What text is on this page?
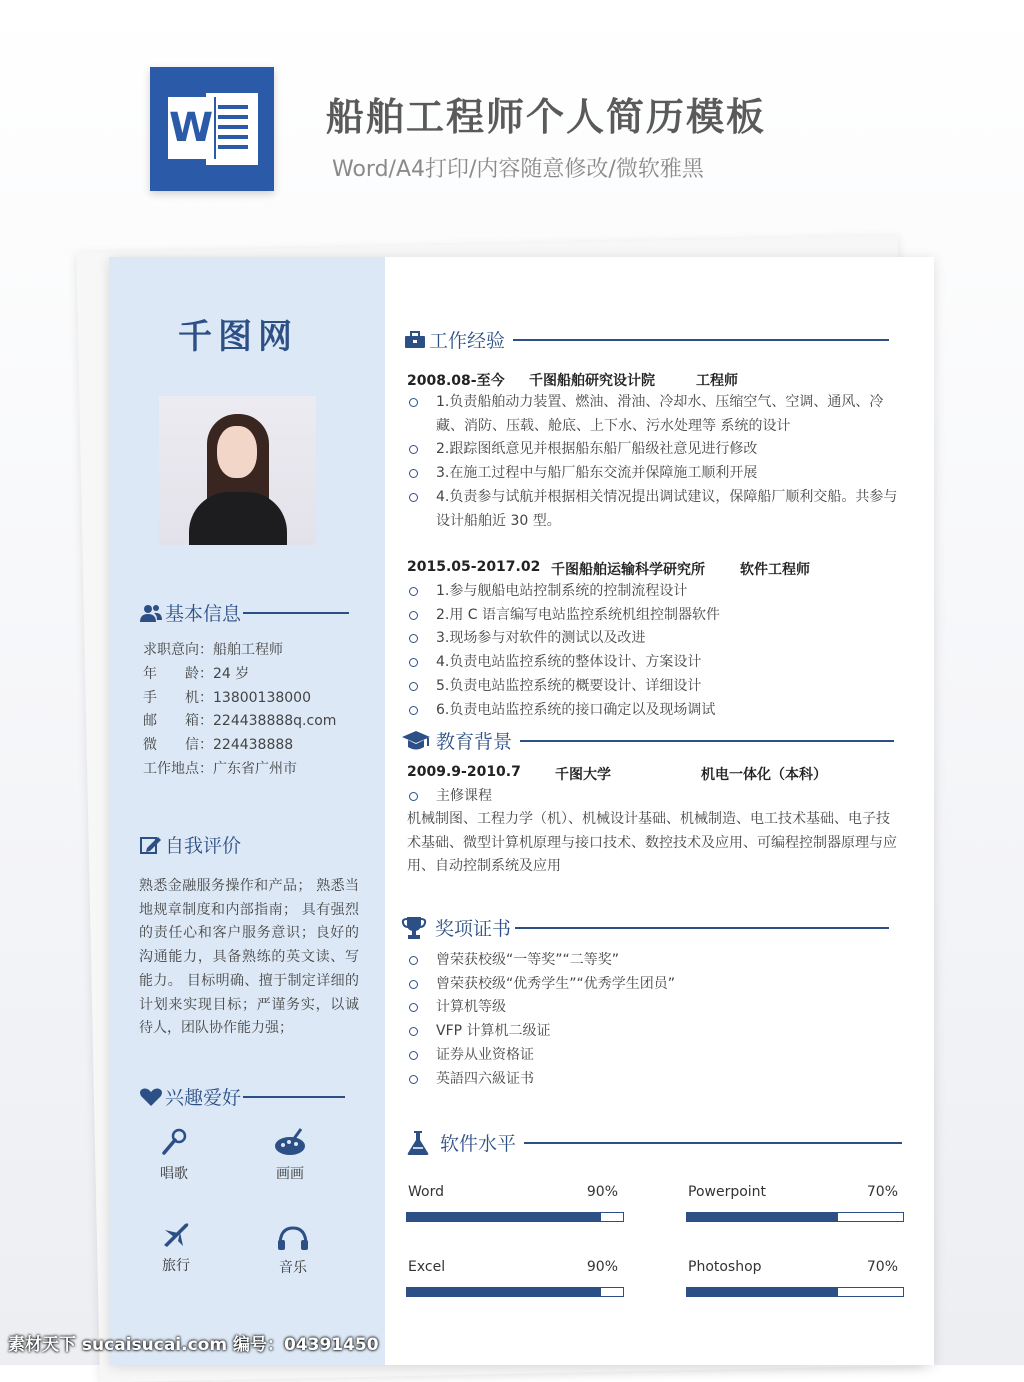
W	船舶工程师个人简历模板
Word/A4打印/内容随意修改/微软雅黑
千图网
基本信息
求职意向：船舶工程师
年　　龄：24 岁
手　　机：13800138000
邮　　箱：224438888q.com
微　　信：224438888
工作地点：广东省广州市
自我评价
熟悉金融服务操作和产品； 熟悉当地规章制度和内部指南； 具有强烈的责任心和客户服务意识；良好的沟通能力，具备熟练的英文读、写能力。 目标明确、擅于制定详细的计划来实现目标；严谨务实，以诚待人，团队协作能力强；
兴趣爱好
唱歌	画画
旅行	音乐
工作经验
2008.08-至今 千图船舶研究设计院	工程师
1.负责船舶动力装置、燃油、滑油、冷却水、压缩空气、空调、通风、冷藏、消防、压载、舱底、上下水、污水处理等 系统的设计
2.跟踪图纸意见并根据船东船厂船级社意见进行修改
3.在施工过程中与船厂船东交流并保障施工顺利开展
4.负责参与试航并根据相关情况提出调试建议，保障船厂顺利交船。共参与设计船舶近 30 型。
2015.05-2017.02 千图船舶运输科学研究所	软件工程师
1.参与舰船电站控制系统的控制流程设计
2.用 C 语言编写电站监控系统机组控制器软件
3.现场参与对软件的测试以及改进
4.负责电站监控系统的整体设计、方案设计
5.负责电站监控系统的概要设计、详细设计
6.负责电站监控系统的接口确定以及现场调试
教育背景
2009.9-2010.7 千图大学	机电一体化（本科）
主修课程
机械制图、工程力学（机）、机械设计基础、机械制造、电工技术基础、电子技术基础、微型计算机原理与接口技术、数控技术及应用、可编程控制器原理与应用、自动控制系统及应用
奖项证书
曾荣获校级“一等奖”“二等奖”
曾荣获校级“优秀学生”“优秀学生团员”
计算机等级
VFP 计算机二级证
证券从业资格证
英語四六級证书
软件水平
Word	90%	Powerpoint	70%
Excel	90%	Photoshop	70%
素材天下 sucaisucai.com 编号：04391450
